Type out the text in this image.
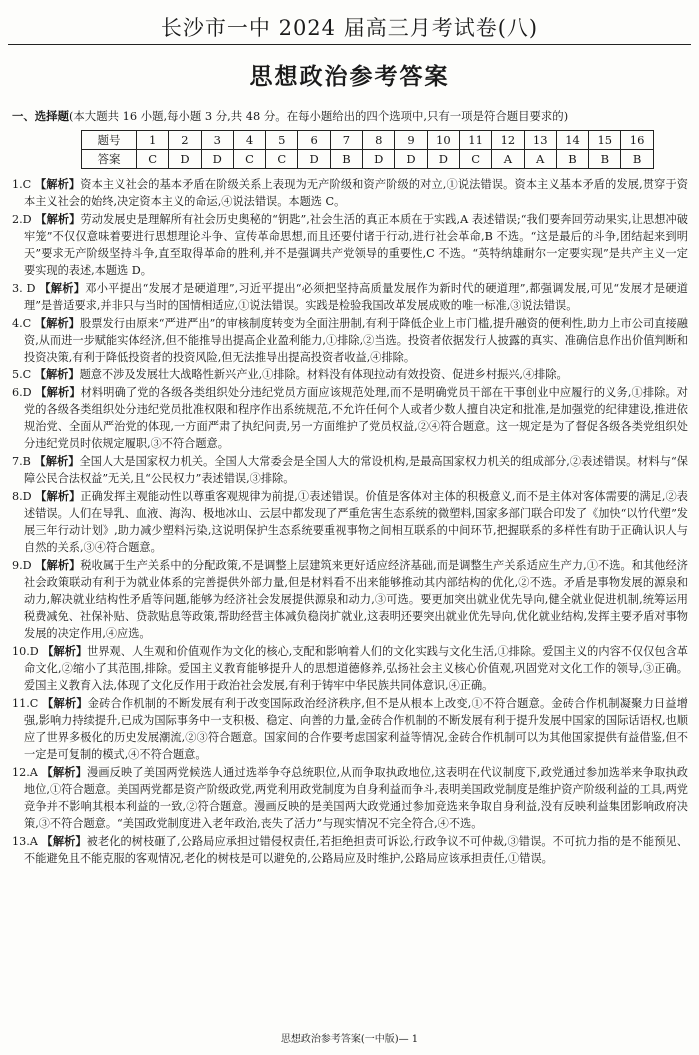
长沙市一中 2024 届高三月考试卷(八)
思想政治参考答案
一、选择题(本大题共 16 小题,每小题 3 分,共 48 分。在每小题给出的四个选项中,只有一项是符合题目要求的)
题号	1	2	3	4	5	6	7	8	9	10	11	12	13	14	15	16
答案	C	D	D	C	C	D	B	D	D	D	C	A	A	B	B	B

1.C 【解析】资本主义社会的基本矛盾在阶级关系上表现为无产阶级和资产阶级的对立,①说法错误。资本主义基本矛盾的发展,贯穿于资本主义社会的始终,决定资本主义的命运,④说法错误。本题选 C。

2.D 【解析】劳动发展史是理解所有社会历史奥秘的“钥匙”,社会生活的真正本质在于实践,A 表述错误;“我们要奔回劳动果实,让思想冲破牢笼”不仅仅意味着要进行思想理论斗争、宣传革命思想,而且还要付诸于行动,进行社会革命,B 不选。“这是最后的斗争,团结起来到明天”要求无产阶级坚持斗争,直至取得革命的胜利,并不是强调共产党领导的重要性,C 不选。“英特纳雄耐尔一定要实现”是共产主义一定要实现的表述,本题选 D。

3. D 【解析】邓小平提出“发展才是硬道理”,习近平提出“必须把坚持高质量发展作为新时代的硬道理”,都强调发展,可见“发展才是硬道理”是普适要求,并非只与当时的国情相适应,①说法错误。实践是检验我国改革发展成败的唯一标准,③说法错误。

4.C 【解析】股票发行由原来“严进严出”的审核制度转变为全面注册制,有利于降低企业上市门槛,提升融资的便利性,助力上市公司直接融资,从而进一步赋能实体经济,但不能推导出提高企业盈利能力,①排除,②当选。投资者依据发行人披露的真实、准确信息作出价值判断和投资决策,有利于降低投资者的投资风险,但无法推导出提高投资者收益,④排除。

5.C 【解析】题意不涉及发展壮大战略性新兴产业,①排除。材料没有体现拉动有效投资、促进乡村振兴,④排除。

6.D 【解析】材料明确了党的各级各类组织处分违纪党员方面应该规范处理,而不是明确党员干部在干事创业中应履行的义务,①排除。对党的各级各类组织处分违纪党员批准权限和程序作出系统规范,不允许任何个人或者少数人擅自决定和批准,是加强党的纪律建设,推进依规治党、全面从严治党的体现,一方面严肃了执纪问责,另一方面维护了党员权益,②④符合题意。这一规定是为了督促各级各类党组织处分违纪党员时依规定履职,③不符合题意。

7.B 【解析】全国人大是国家权力机关。全国人大常委会是全国人大的常设机构,是最高国家权力机关的组成部分,②表述错误。材料与“保障公民合法权益”无关,且“公民权力”表述错误,③排除。

8.D 【解析】正确发挥主观能动性以尊重客观规律为前提,①表述错误。价值是客体对主体的积极意义,而不是主体对客体需要的满足,②表述错误。人们在导乳、血液、海沟、极地冰山、云层中都发现了严重危害生态系统的微塑料,国家多部门联合印发了《加快“以竹代塑”发展三年行动计划》,助力减少塑料污染,这说明保护生态系统要重视事物之间相互联系的中间环节,把握联系的多样性有助于正确认识人与自然的关系,③④符合题意。

9.D 【解析】税收属于生产关系中的分配政策,不是调整上层建筑来更好适应经济基础,而是调整生产关系适应生产力,①不选。和其他经济社会政策联动有利于为就业体系的完善提供外部力量,但是材料看不出来能够推动其内部结构的优化,②不选。矛盾是事物发展的源泉和动力,解决就业结构性矛盾等问题,能够为经济社会发展提供源泉和动力,③可选。要更加突出就业优先导向,健全就业促进机制,统筹运用税费减免、社保补贴、贷款贴息等政策,帮助经营主体减负稳岗扩就业,这表明还要突出就业优先导向,优化就业结构,发挥主要矛盾对事物发展的决定作用,④应选。

10.D 【解析】世界观、人生观和价值观作为文化的核心,支配和影响着人们的文化实践与文化生活,①排除。爱国主义的内容不仅仅包含革命文化,②缩小了其范围,排除。爱国主义教育能够提升人的思想道德修养,弘扬社会主义核心价值观,巩固党对文化工作的领导,③正确。爱国主义教育入法,体现了文化反作用于政治社会发展,有利于铸牢中华民族共同体意识,④正确。

11.C 【解析】金砖合作机制的不断发展有利于改变国际政治经济秩序,但不是从根本上改变,①不符合题意。金砖合作机制凝聚力日益增强,影响力持续提升,已成为国际事务中一支积极、稳定、向善的力量,金砖合作机制的不断发展有利于提升发展中国家的国际话语权,也顺应了世界多极化的历史发展潮流,②③符合题意。国家间的合作要考虑国家利益等情况,金砖合作机制可以为其他国家提供有益借鉴,但不一定是可复制的模式,④不符合题意。

12.A 【解析】漫画反映了美国两党候选人通过选举争夺总统职位,从而争取执政地位,这表明在代议制度下,政党通过参加选举来争取执政地位,①符合题意。美国两党都是资产阶级政党,两党利用政党制度为自身利益而争斗,表明美国政党制度是维护资产阶级利益的工具,两党竞争并不影响其根本利益的一致,②符合题意。漫画反映的是美国两大政党通过参加竞选来争取自身利益,没有反映利益集团影响政府决策,③不符合题意。“美国政党制度进入老年政治,丧失了活力”与现实情况不完全符合,④不选。

13.A 【解析】被老化的树枝砸了,公路局应承担过错侵权责任,若拒绝担责可诉讼,行政争议不可仲裁,③错误。不可抗力指的是不能预见、不能避免且不能克服的客观情况,老化的树枝是可以避免的,公路局应及时维护,公路局应该承担责任,①错误。

思想政治参考答案(一中版)— 1
